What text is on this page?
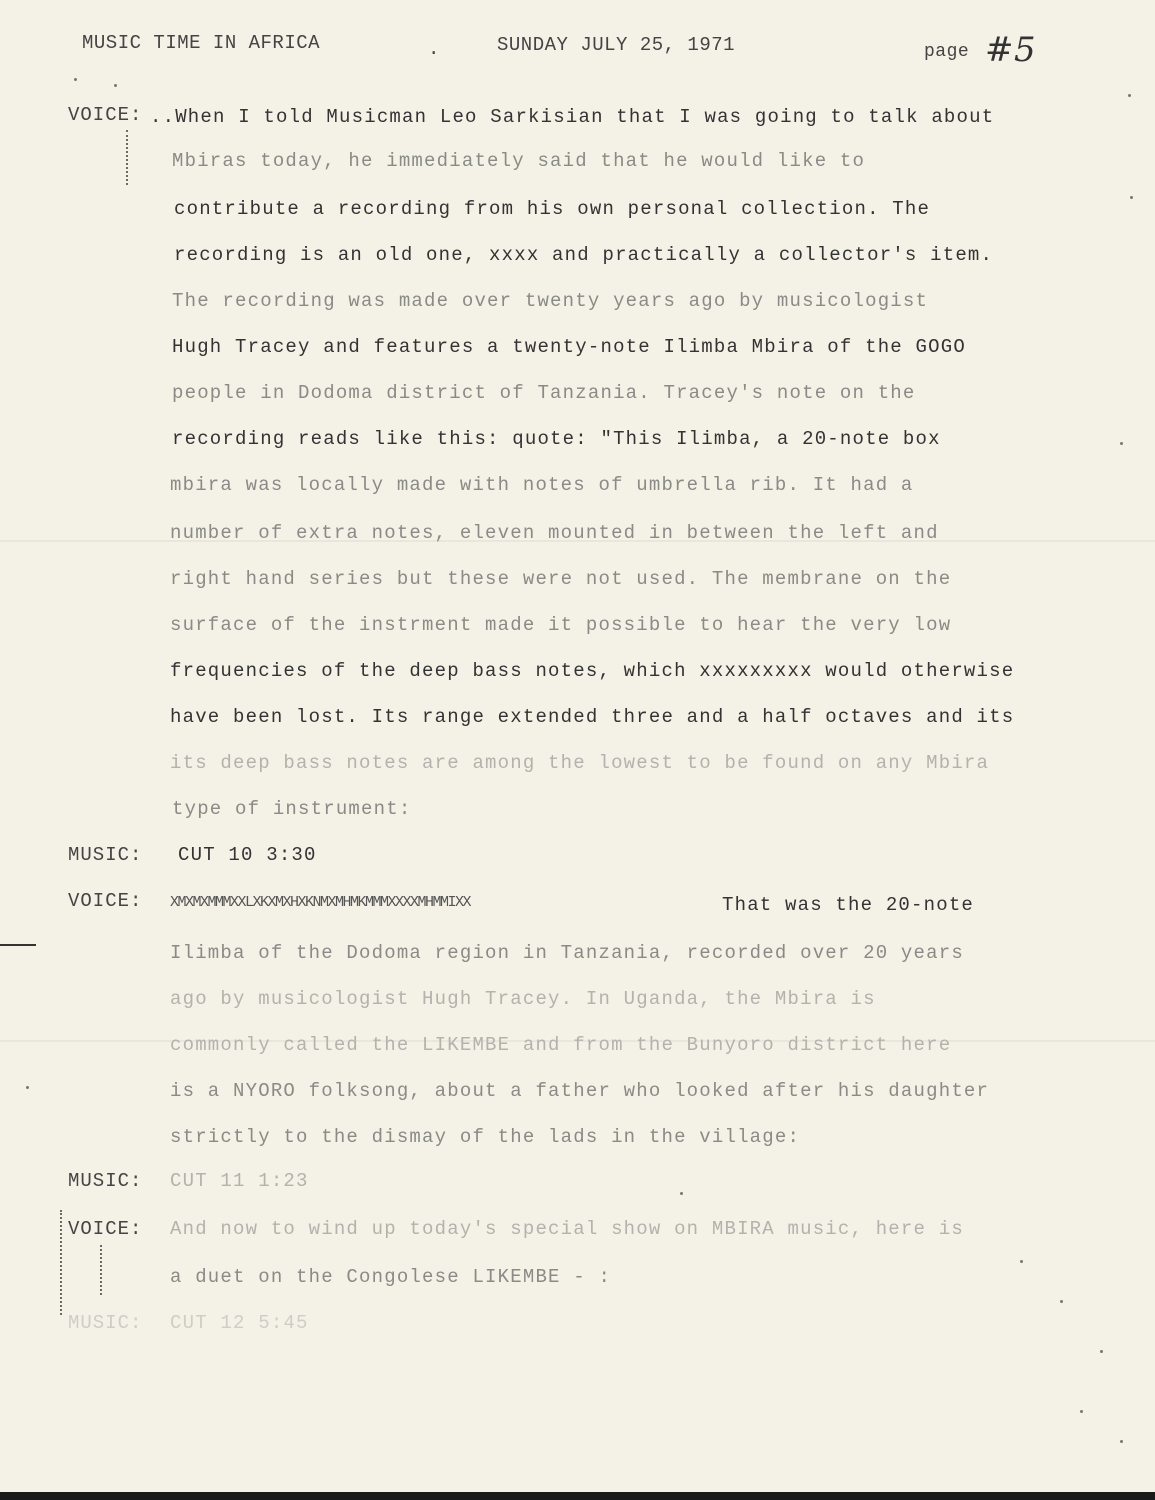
MUSIC TIME IN AFRICA	.	SUNDAY JULY 25, 1971	page #5
VOICE: ..When I told Musicman Leo Sarkisian that I was going to talk about
Mbiras today, he immediately said that he would like to
contribute a recording from his own personal collection. The
recording is an old one, xxxx and practically a collector's item.
The recording was made over twenty years ago by musicologist
Hugh Tracey and features a twenty-note Ilimba Mbira of the GOGO
people in Dodoma district of Tanzania. Tracey's note on the
recording reads like this: quote: "This Ilimba, a 20-note box
mbira was locally made with notes of umbrella rib. It had a
number of extra notes, eleven mounted in between the left and
right hand series but these were not used. The membrane on the
surface of the instrment made it possible to hear the very low
frequencies of the deep bass notes, which xxxxxxxxx would otherwise
have been lost. Its range extended three and a half octaves and its
its deep bass notes are among the lowest to be found on any Mbira
type of instrument:
MUSIC: CUT 10 3:30
VOICE: XMXMXMMMXXLXKXMXHXKNMXMHMKMMMXXXXMHMMIXX	That was the 20-note
Ilimba of the Dodoma region in Tanzania, recorded over 20 years
ago by musicologist Hugh Tracey. In Uganda, the Mbira is
commonly called the LIKEMBE and from the Bunyoro district here
is a NYORO folksong, about a father who looked after his daughter
strictly to the dismay of the lads in the village:
MUSIC: CUT 11 1:23
VOICE: And now to wind up today's special show on MBIRA music, here is
a duet on the Congolese LIKEMBE - :
MUSIC: CUT 12 5:45
